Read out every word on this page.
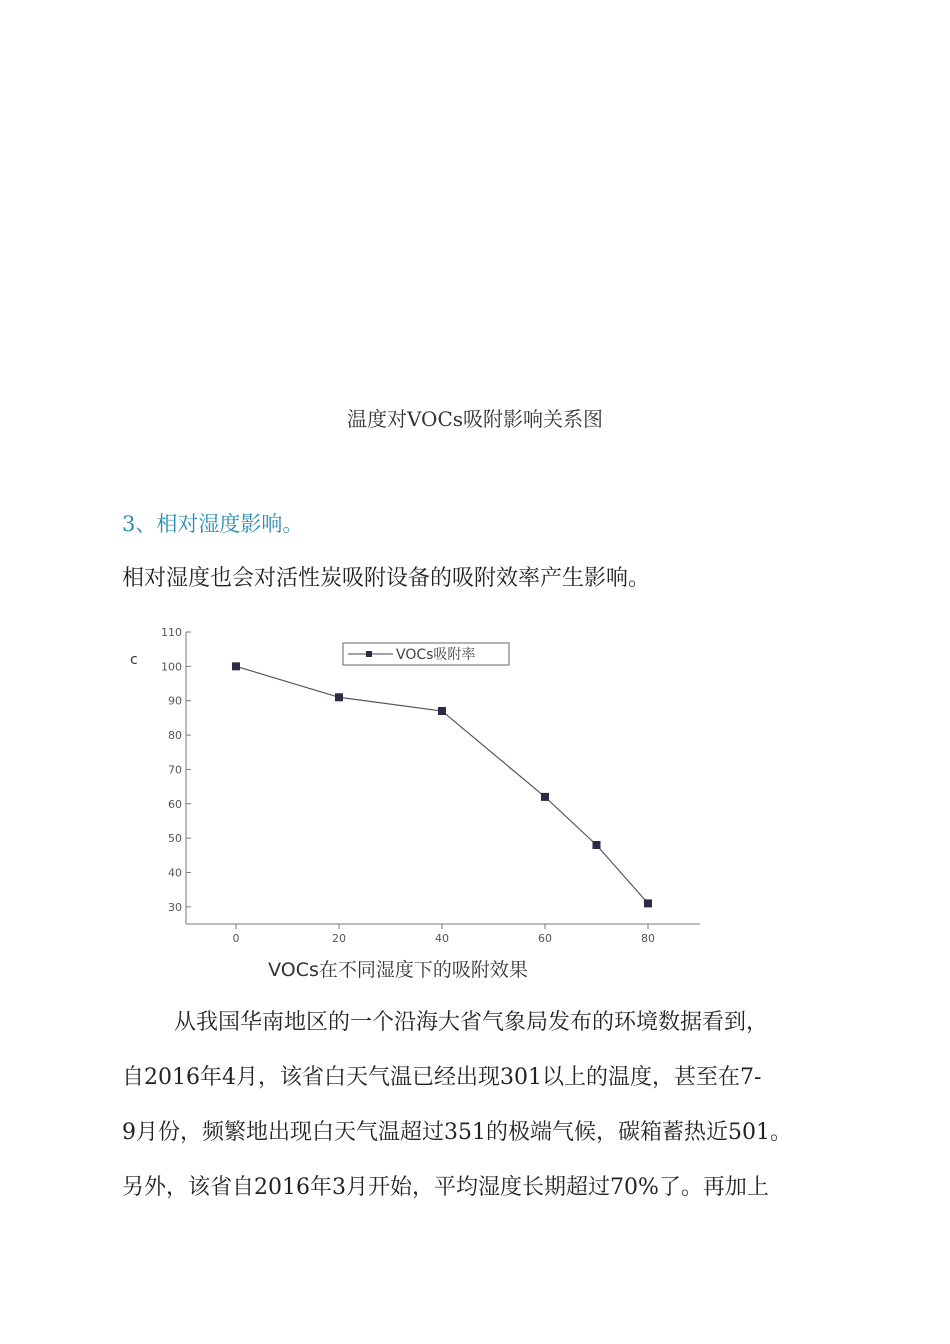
温度对VOCs吸附影响关系图
3、相对湿度影响。
相对湿度也会对活性炭吸附设备的吸附效率产生影响。
30
40
50
60
70
80
90
100
110
0	20	40	60	80
VOCs吸附率
c
VOCs在不同湿度下的吸附效果

从我国华南地区的一个沿海大省气象局发布的环境数据看到，

自2016年4月，该省白天气温已经出现301以上的温度，甚至在7-

9月份，频繁地出现白天气温超过351的极端气候，碳箱蓄热近501。

另外，该省自2016年3月开始，平均湿度长期超过70%了。再加上
